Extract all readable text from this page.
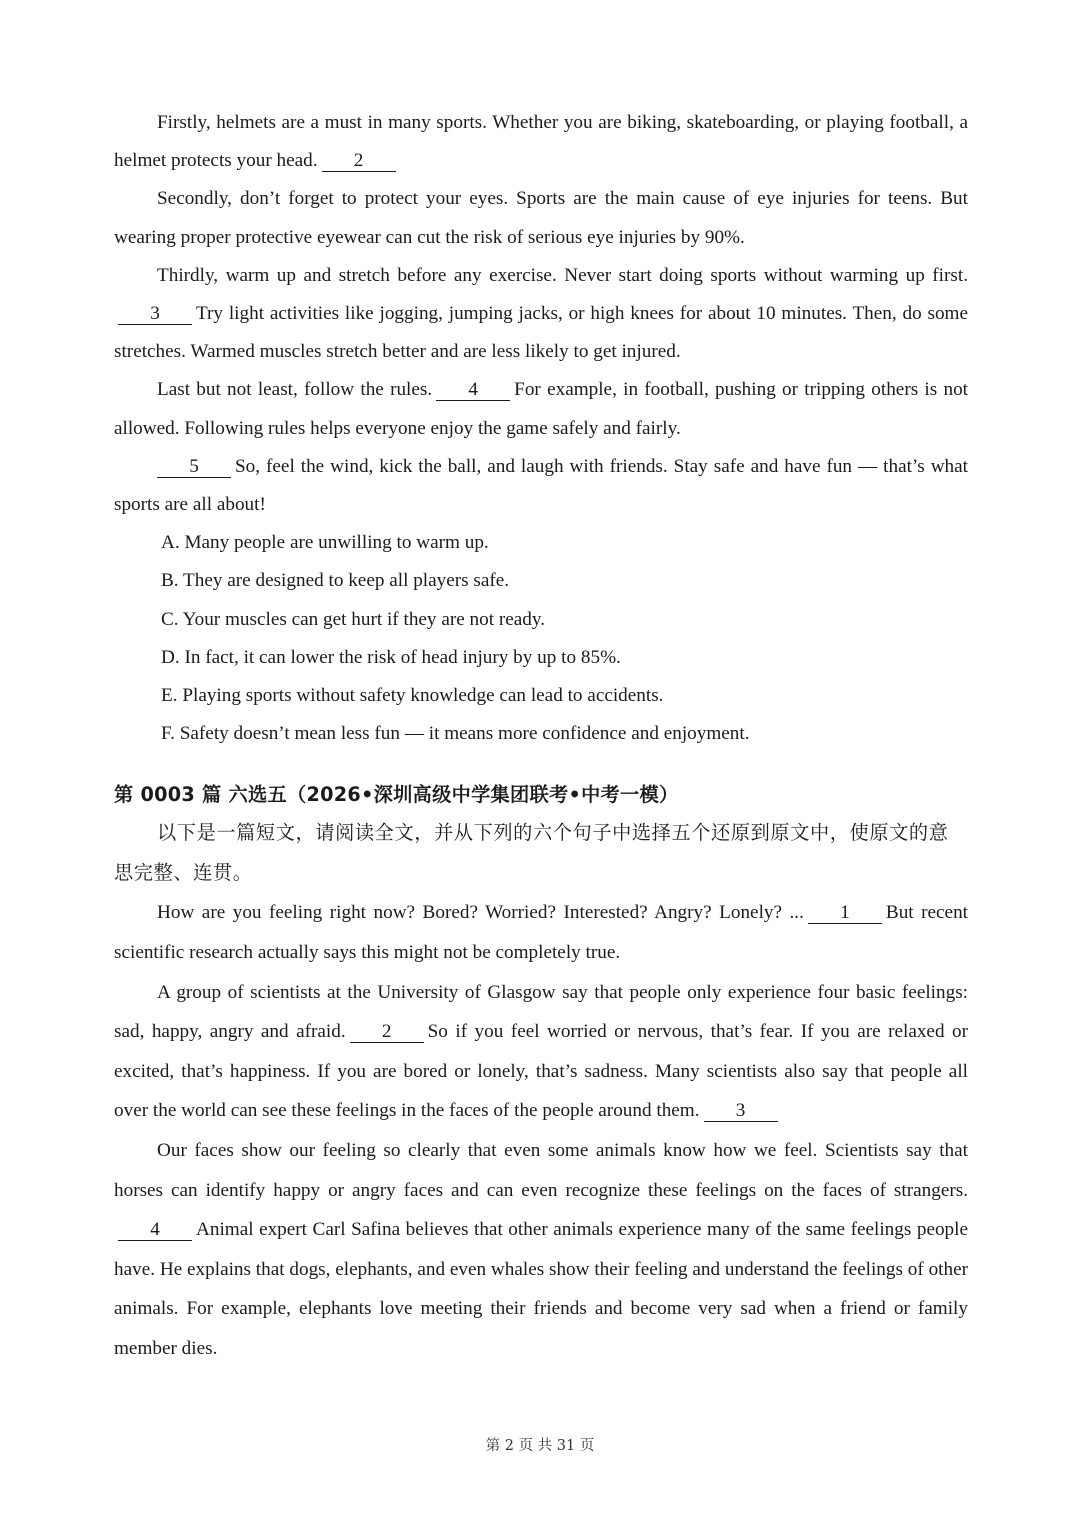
Firstly, helmets are a must in many sports. Whether you are biking, skateboarding, or playing football, a helmet protects your head. 2

Secondly, don’t forget to protect your eyes. Sports are the main cause of eye injuries for teens. But wearing proper protective eyewear can cut the risk of serious eye injuries by 90%.

Thirdly, warm up and stretch before any exercise. Never start doing sports without warming up first.3 Try light activities like jogging, jumping jacks, or high knees for about 10 minutes. Then, do some stretches. Warmed muscles stretch better and are less likely to get injured.

Last but not least, follow the rules. 4 For example, in football, pushing or tripping others is not allowed. Following rules helps everyone enjoy the game safely and fairly.

5 So, feel the wind, kick the ball, and laugh with friends. Stay safe and have fun — that’s what sports are all about!

A. Many people are unwilling to warm up.
B. They are designed to keep all players safe.
C. Your muscles can get hurt if they are not ready.
D. In fact, it can lower the risk of head injury by up to 85%.
E. Playing sports without safety knowledge can lead to accidents.
F. Safety doesn’t mean less fun — it means more confidence and enjoyment.
第 0003 篇 六选五（2026•深圳高级中学集团联考•中考一模）

以下是一篇短文，请阅读全文，并从下列的六个句子中选择五个还原到原文中，使原文的意思完整、连贯。

How are you feeling right now? Bored? Worried? Interested? Angry? Lonely? ... 1 But recent scientific research actually says this might not be completely true.

A group of scientists at the University of Glasgow say that people only experience four basic feelings: sad, happy, angry and afraid. 2 So if you feel worried or nervous, that’s fear. If you are relaxed or excited, that’s happiness. If you are bored or lonely, that’s sadness. Many scientists also say that people all over the world can see these feelings in the faces of the people around them. 3

Our faces show our feeling so clearly that even some animals know how we feel. Scientists say that horses can identify happy or angry faces and can even recognize these feelings on the faces of strangers.4 Animal expert Carl Safina believes that other animals experience many of the same feelings people have. He explains that dogs, elephants, and even whales show their feeling and understand the feelings of other animals. For example, elephants love meeting their friends and become very sad when a friend or family member dies.

第 2 页 共 31 页
